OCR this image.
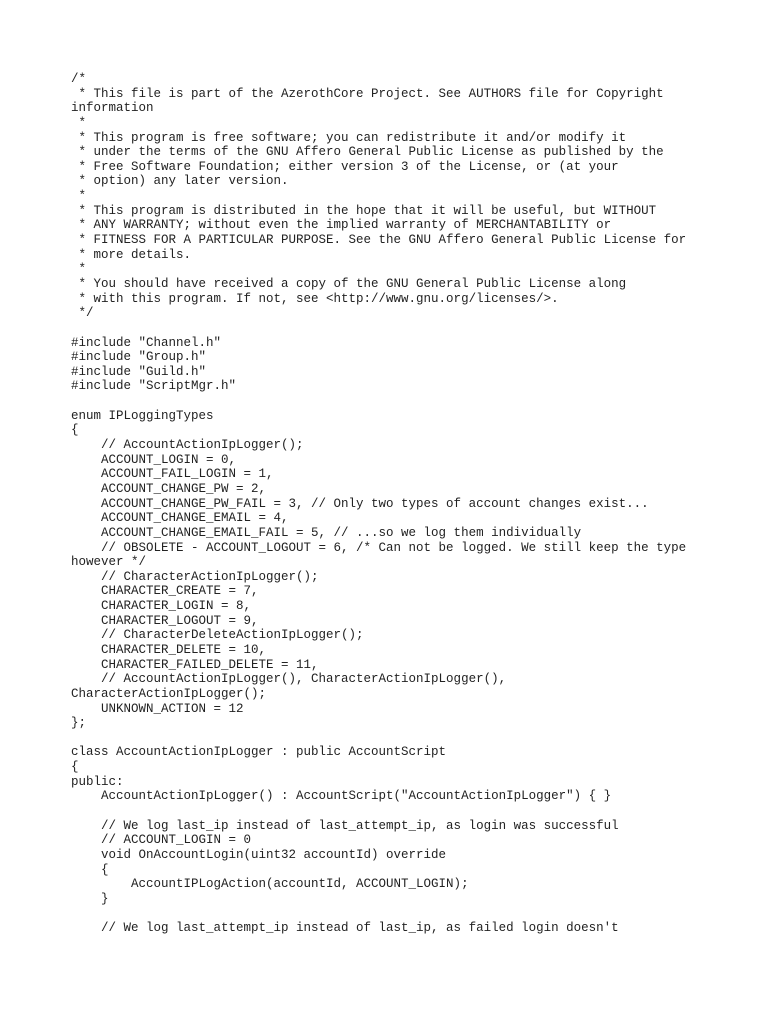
/*
* This file is part of the AzerothCore Project. See AUTHORS file for Copyright
information
*
* This program is free software; you can redistribute it and/or modify it
* under the terms of the GNU Affero General Public License as published by the
* Free Software Foundation; either version 3 of the License, or (at your
* option) any later version.
*
* This program is distributed in the hope that it will be useful, but WITHOUT
* ANY WARRANTY; without even the implied warranty of MERCHANTABILITY or
* FITNESS FOR A PARTICULAR PURPOSE. See the GNU Affero General Public License for
* more details.
*
* You should have received a copy of the GNU General Public License along
* with this program. If not, see <http://www.gnu.org/licenses/>.
*/
#include "Channel.h"
#include "Group.h"
#include "Guild.h"
#include "ScriptMgr.h"
enum IPLoggingTypes
{
// AccountActionIpLogger();
ACCOUNT_LOGIN = 0,
ACCOUNT_FAIL_LOGIN = 1,
ACCOUNT_CHANGE_PW = 2,
ACCOUNT_CHANGE_PW_FAIL = 3, // Only two types of account changes exist...
ACCOUNT_CHANGE_EMAIL = 4,
ACCOUNT_CHANGE_EMAIL_FAIL = 5, // ...so we log them individually
// OBSOLETE - ACCOUNT_LOGOUT = 6, /* Can not be logged. We still keep the type
however */
// CharacterActionIpLogger();
CHARACTER_CREATE = 7,
CHARACTER_LOGIN = 8,
CHARACTER_LOGOUT = 9,
// CharacterDeleteActionIpLogger();
CHARACTER_DELETE = 10,
CHARACTER_FAILED_DELETE = 11,
// AccountActionIpLogger(), CharacterActionIpLogger(),
CharacterActionIpLogger();
UNKNOWN_ACTION = 12
};
class AccountActionIpLogger : public AccountScript
{
public:
AccountActionIpLogger() : AccountScript("AccountActionIpLogger") { }
// We log last_ip instead of last_attempt_ip, as login was successful
// ACCOUNT_LOGIN = 0
void OnAccountLogin(uint32 accountId) override
{
AccountIPLogAction(accountId, ACCOUNT_LOGIN);
}
// We log last_attempt_ip instead of last_ip, as failed login doesn't
